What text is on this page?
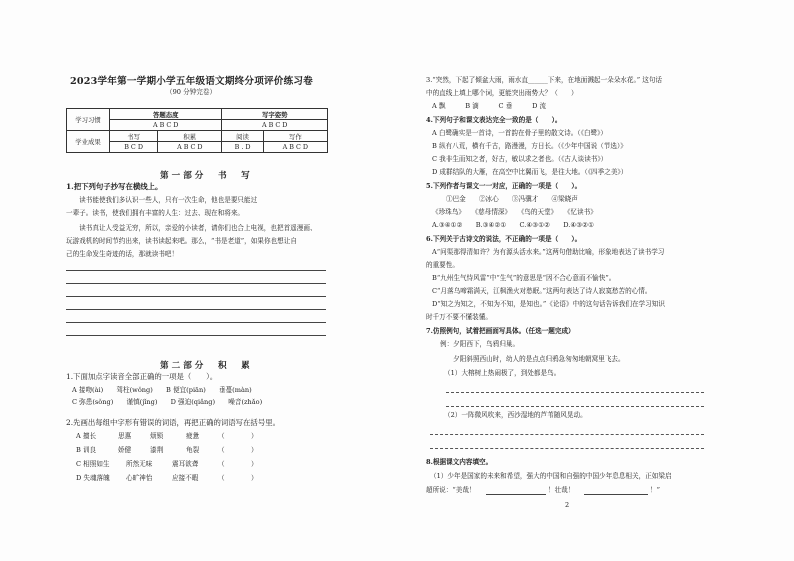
2023学年第一学期小学五年级语文期终分项评价练习卷
（90 分钟完卷）
学习习惯	答题态度		写字姿势	
	A B C D		A B C D	
学业成果	书写	积累	阅读	写作
	B C D	A B C D	B . D	A B C D
第一部分　书　写
1.把下列句子抄写在横线上。
　　读书能使我们多认识一些人，只有一次生命，他也是要只能过
一辈子。读书，使我们拥有丰富的人生：过去、现在和将来。
　　读书真让人受益无穷，所以，亲爱的小读者，请你们也合上电视，也把首遥漫画、
玩游戏机的时间节约出来，读书读起来吧。那么，“书是老道”，如果你也想让自
己的生命发生奇迹的话，那就读书吧！
第二部分　积　累
1.下面加点字读音全部正确的一项是（　　）。
A 接吻(ài)　　驾柱(wǒng)　　B 便宜(piān)　　垂蔓(màn)
C 弥患(sǒng)　　谨慎(jǐng)　　D 强迫(qiǎng)　　噪音(zhǎo)
2.先画出每组中字形有错误的词语，再把正确的词语写在括号里。
A 擅长	思惠	烦锁	疲惫	（　　　　）
B 训良	娇健	漆荆	龟裂	（　　　　）
C 相照如生 所然无味	震耳欲聋	（　　　　）
D 失魂落魄 心旷神怡	应接不暇	（　　　　）
3.“突然，下起了倾盆大雨，雨水直______下来，在地面溅起一朵朵水花。” 这句话
中的直线上填上哪个词，更能突出雨势大？（　　）
A 飘　　　B 滴　　　C 垂　　　D 流
4.下列句子和课文表达完全一致的是（　　）。
A 白鹭确实是一首诗，一首韵在骨子里的散文诗。（《白鹭》）
B 纵有八荒，横有千古，路漫漫，方日长。（《少年中国说（节选）》
C 我非生而知之者，好古，敏以求之者也。（《古人谈读书》）
D 成群结队的大雁，在高空中比翼而飞，是往大地。（《四季之美》）
5.下列作者与课文一一对应，正确的一项是（　　）。
①巴金　　②冰心　　③冯骥才　　④梁晓声
《珍珠鸟》　　《慈母情深》　　《鸟的天堂》　　《忆读书》
A.③④①②　　B.③④②①　　C.④③①②　　D.④③②①
6.下列关于古诗文的说法，不正确的一项是（　　）。
A“问渠那得清如许？为有源头活水来。”这两句借助比喻，形象地表达了读书学习
的重要性。
B“九州生气恃风雷”中“生气”的意思是“因不合心意而不愉快”。
C“月落乌啼霜满天，江枫渔火对愁眠。”这两句表达了诗人寂寞愁苦的心情。
D“知之为知之，不知为不知，是知也。”《论语》中的这句话告诉我们在学习知识
时千万不要不懂装懂。
7.仿照例句，试着把画面写具体。（任选一题完成）
例：夕阳西下，鸟鸦归巢。
　　夕阳斜照西山时，幼人的是点点归鸦急匆匆地朝窝里飞去。
（1）大榕树上热闹极了，到处都是鸟。
（2）一阵微风吹来，西沙湿地的芦苇随风晃动。
8.根据课文内容填空。
（1）少年是国家的未来和希望，强大的中国和自强的中国少年息息相关，正如梁启
超所说：“美哉！	！壮哉！	！”
2
